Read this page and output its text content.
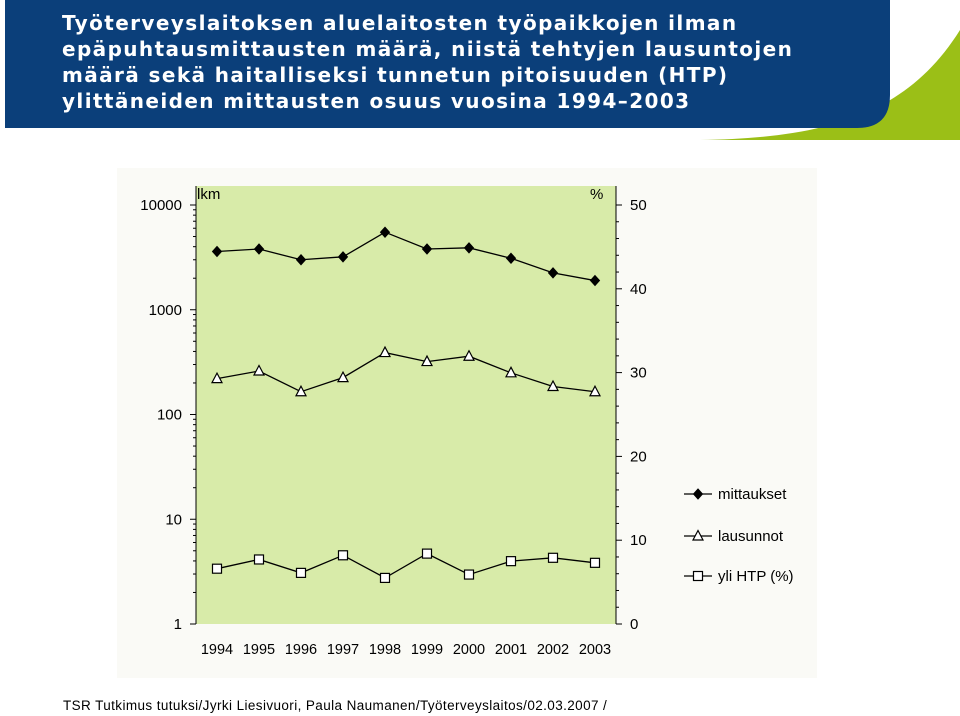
Työterveyslaitoksen aluelaitosten työpaikkojen ilman
epäpuhtausmittausten määrä, niistä tehtyjen lausuntojen
määrä sekä haitalliseksi tunnetun pitoisuuden (HTP)
ylittäneiden mittausten osuus vuosina 1994–2003
1
10
100
1000
10000
0
10
20
30
40
50
lkm	%
1994 1995 1996 1997 1998 1999 2000 2001 2002 2003
mittaukset
lausunnot
yli HTP (%)
TSR Tutkimus tutuksi/Jyrki Liesivuori, Paula Naumanen/Työterveyslaitos/02.03.2007 /
